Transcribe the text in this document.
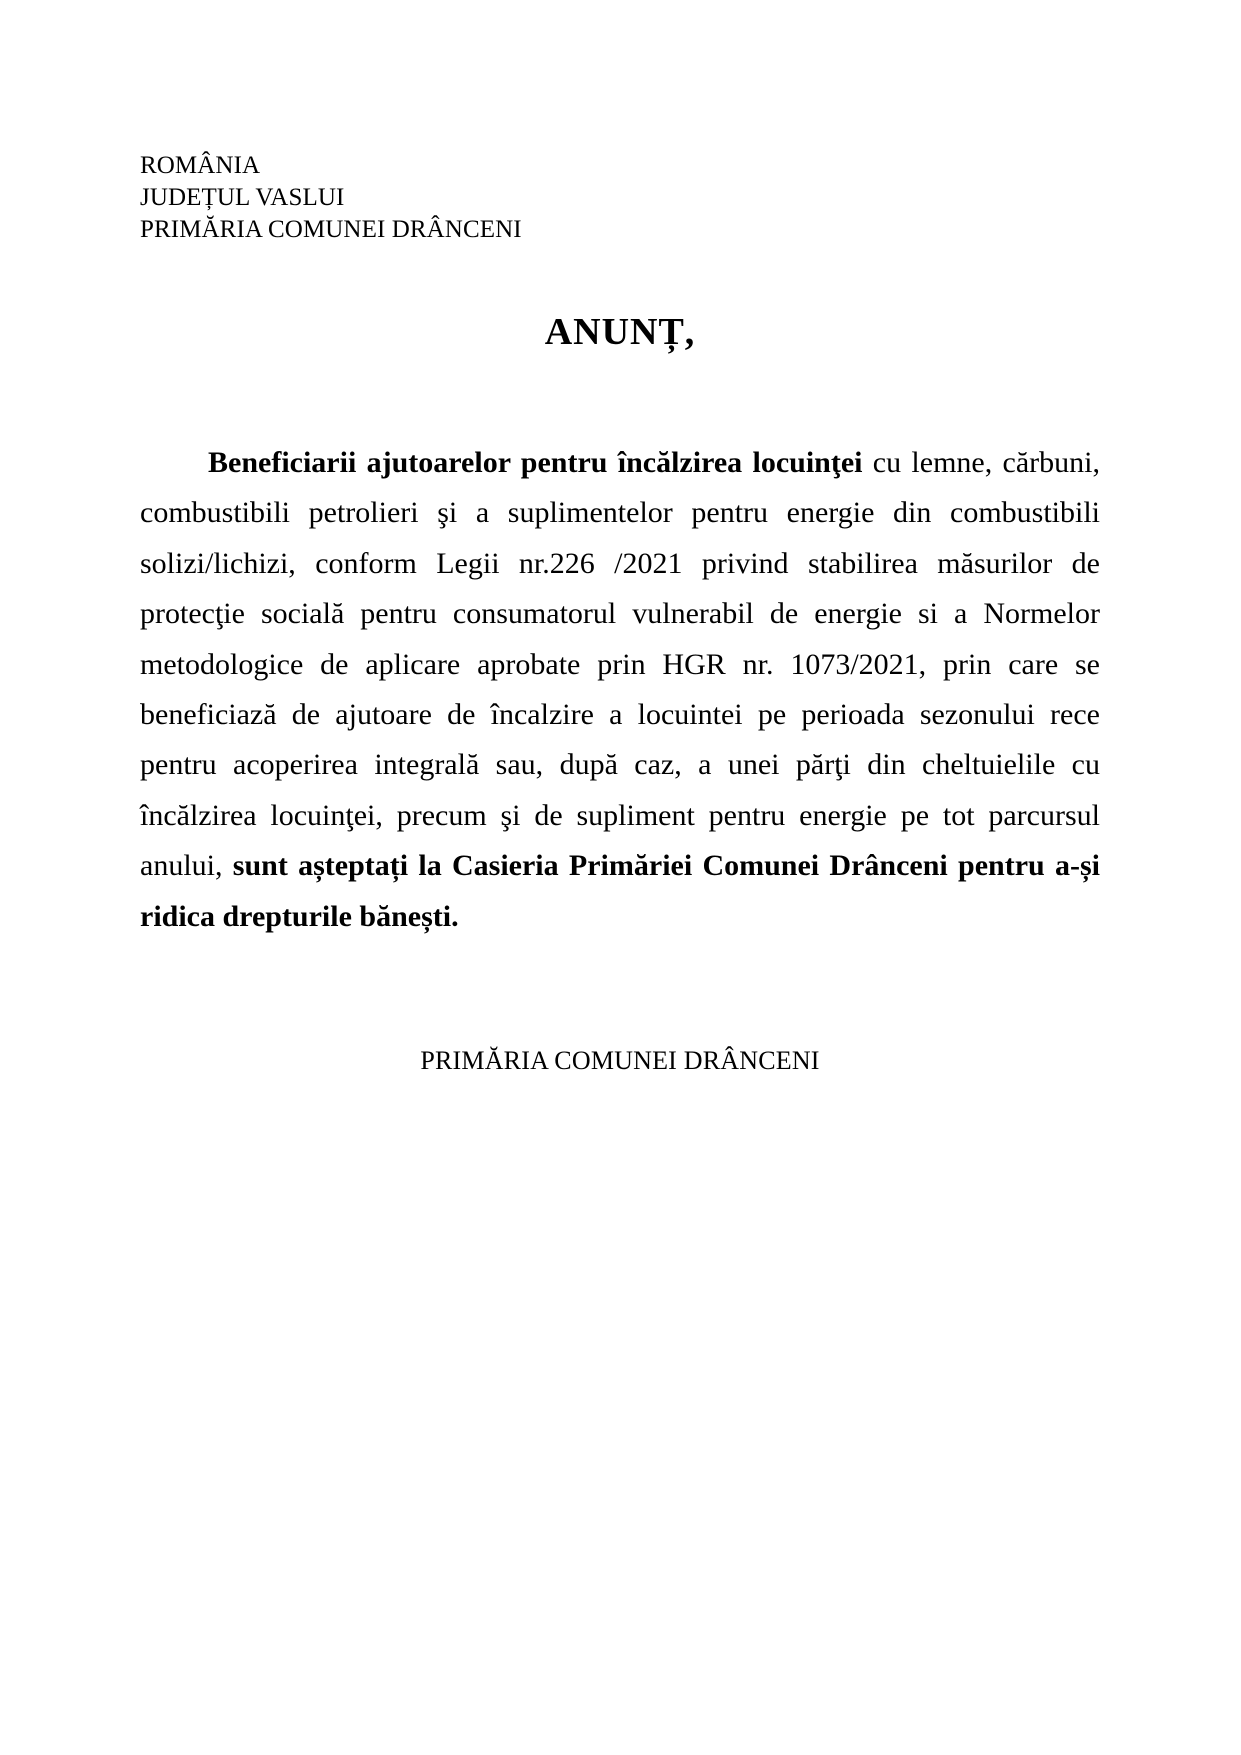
ROMÂNIA
JUDEȚUL VASLUI
PRIMĂRIA COMUNEI DRÂNCENI
ANUNȚ,

Beneficiarii ajutoarelor pentru încălzirea locuinţei cu lemne, cărbuni, combustibili petrolieri şi a suplimentelor pentru energie din combustibili solizi/lichizi, conform Legii nr.226 /2021 privind stabilirea măsurilor de protecţie socială pentru consumatorul vulnerabil de energie si a Normelor metodologice de aplicare aprobate prin HGR nr. 1073/2021, prin care se beneficiază de ajutoare de încalzire a locuintei pe perioada sezonului rece pentru acoperirea integrală sau, după caz, a unei părţi din cheltuielile cu încălzirea locuinţei, precum şi de supliment pentru energie pe tot parcursul anului, sunt așteptați la Casieria Primăriei Comunei Drânceni pentru a-și ridica drepturile bănești.

PRIMĂRIA COMUNEI DRÂNCENI
